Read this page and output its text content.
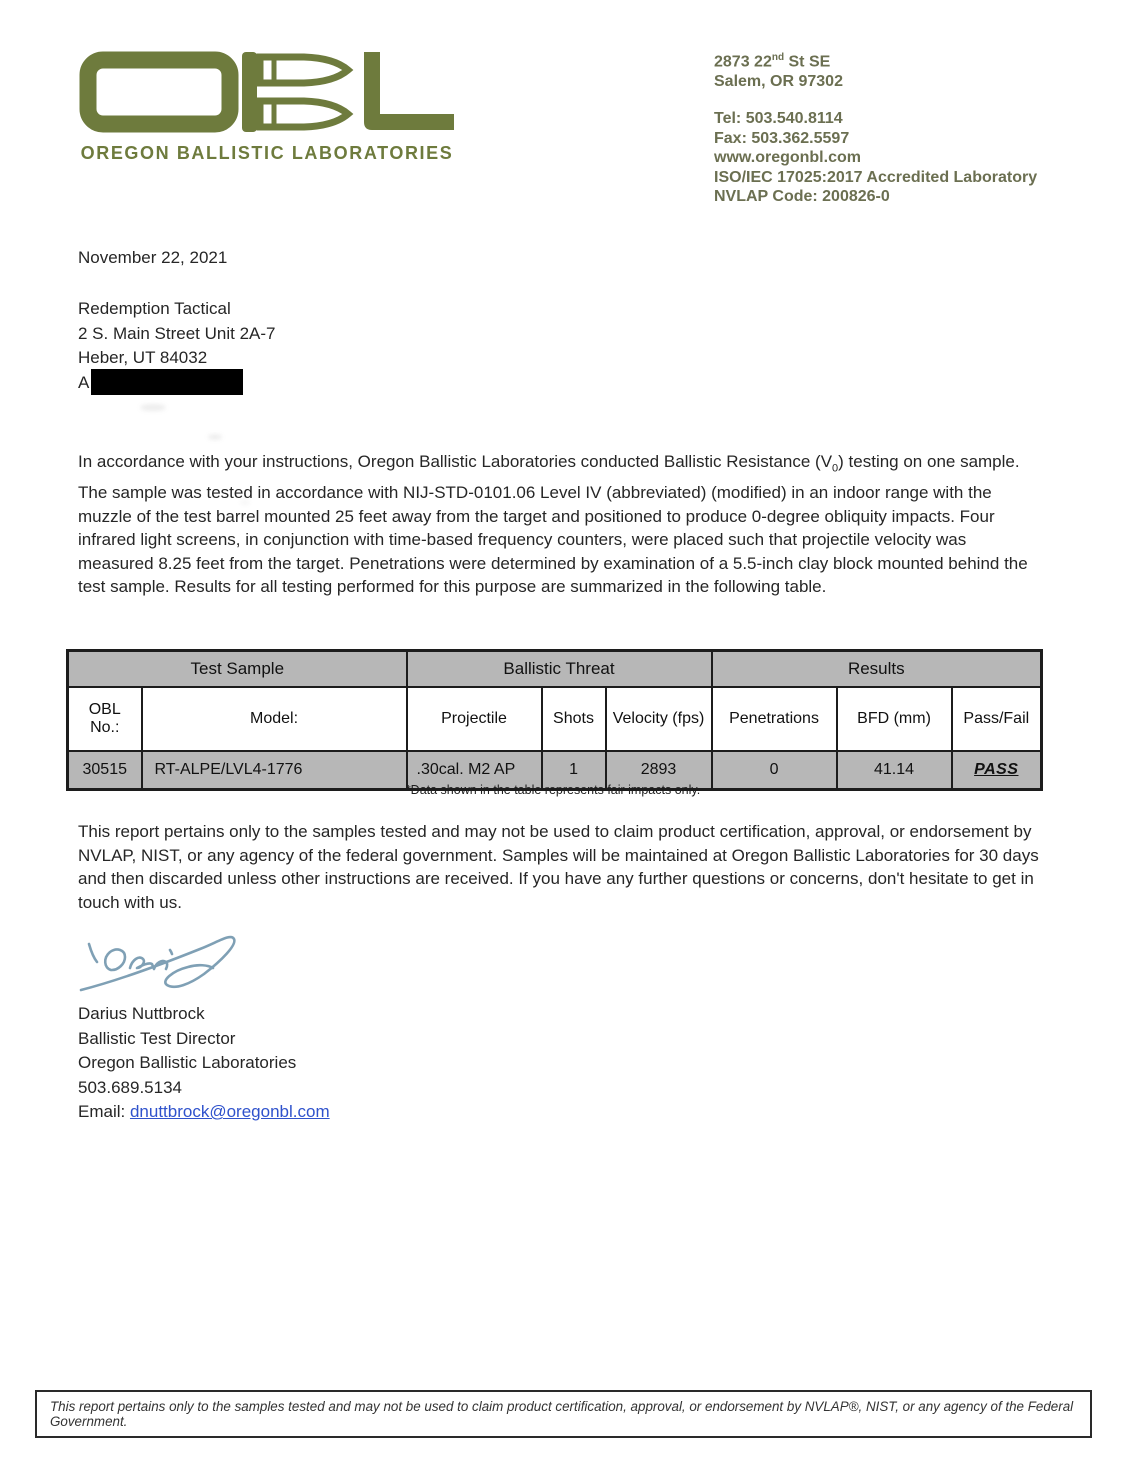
OREGON BALLISTIC LABORATORIES
2873 22nd St SE
Salem, OR 97302
Tel: 503.540.8114
Fax: 503.362.5597
www.oregonbl.com
ISO/IEC 17025:2017 Accredited Laboratory
NVLAP Code: 200826-0
November 22, 2021
Redemption Tactical
2 S. Main Street Unit 2A-7
Heber, UT 84032
A

In accordance with your instructions, Oregon Ballistic Laboratories conducted Ballistic Resistance $(V_0)$ testing on one sample.

The sample was tested in accordance with NIJ-STD-0101.06 Level IV (abbreviated) (modified) in an indoor range with the muzzle of the test barrel mounted 25 feet away from the target and positioned to produce 0-degree obliquity impacts. Four infrared light screens, in conjunction with time-based frequency counters, were placed such that projectile velocity was measured 8.25 feet from the target. Penetrations were determined by examination of a 5.5-inch clay block mounted behind the test sample. Results for all testing performed for this purpose are summarized in the following table.

Test Sample		Ballistic Threat			Results		
OBL No.:	Model:	Projectile	Shots	Velocity (fps)	Penetrations	BFD (mm)	Pass/Fail
30515	RT-ALPE/LVL4-1776	.30cal. M2 AP	1	2893	0	41.14	PASS
*Data shown in the table represents fair impacts only.

This report pertains only to the samples tested and may not be used to claim product certification, approval, or endorsement by NVLAP, NIST, or any agency of the federal government. Samples will be maintained at Oregon Ballistic Laboratories for 30 days and then discarded unless other instructions are received. If you have any further questions or concerns, don't hesitate to get in touch with us.

Darius Nuttbrock
Ballistic Test Director
Oregon Ballistic Laboratories
503.689.5134
Email: dnuttbrock@oregonbl.com
This report pertains only to the samples tested and may not be used to claim product certification, approval, or endorsement by NVLAP®, NIST, or any agency of the Federal Government.
